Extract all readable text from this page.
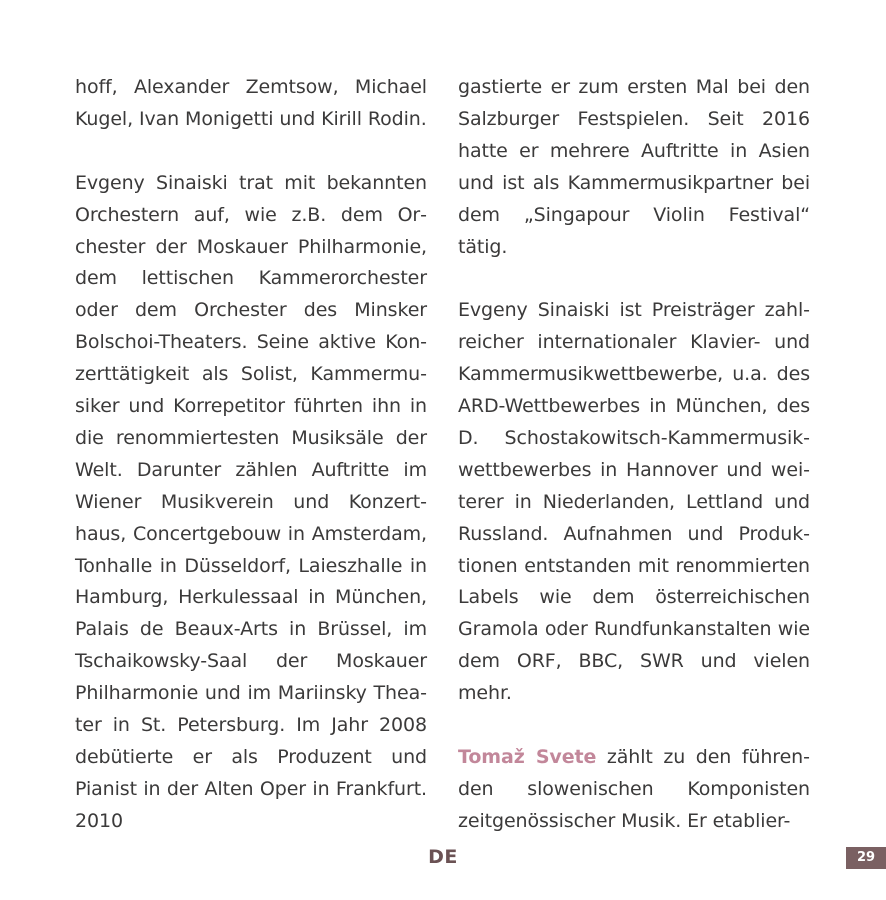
hoff, Alexander Zemtsow, Michael Kugel, Ivan Monigetti und Kirill Rodin.

Evgeny Sinaiski trat mit bekannten Orchestern auf, wie z.B. dem Orchester der Moskauer Philharmonie, dem lettischen Kammerorchester oder dem Orchester des Minsker Bolschoi-Theaters. Seine aktive Konzerttätigkeit als Solist, Kammermusiker und Korrepetitor führten ihn in die renommiertesten Musiksäle der Welt. Darunter zählen Auftritte im Wiener Musikverein und Konzerthaus, Concertgebouw in Amsterdam, Tonhalle in Düsseldorf, Laieszhalle in Hamburg, Herkulessaal in München, Palais de Beaux-Arts in Brüssel, im Tschaikowsky-Saal der Moskauer Philharmonie und im Mariinsky Theater in St. Petersburg. Im Jahr 2008 debütierte er als Produzent und Pianist in der Alten Oper in Frankfurt. 2010

gastierte er zum ersten Mal bei den Salzburger Festspielen. Seit 2016 hatte er mehrere Auftritte in Asien und ist als Kammermusikpartner bei dem „Singapour Violin Festival“ tätig.

Evgeny Sinaiski ist Preisträger zahlreicher internationaler Klavier- und Kammermusikwettbewerbe, u.a. des ARD-Wettbewerbes in München, des D. Schostakowitsch-Kammermusikwettbewerbes in Hannover und weiterer in Niederlanden, Lettland und Russland. Aufnahmen und Produktionen entstanden mit renommierten Labels wie dem österreichischen Gramola oder Rundfunkanstalten wie dem ORF, BBC, SWR und vielen mehr.

Tomaž Svete zählt zu den führenden slowenischen Komponisten zeitgenössischer Musik. Er etablier-

DE	29
